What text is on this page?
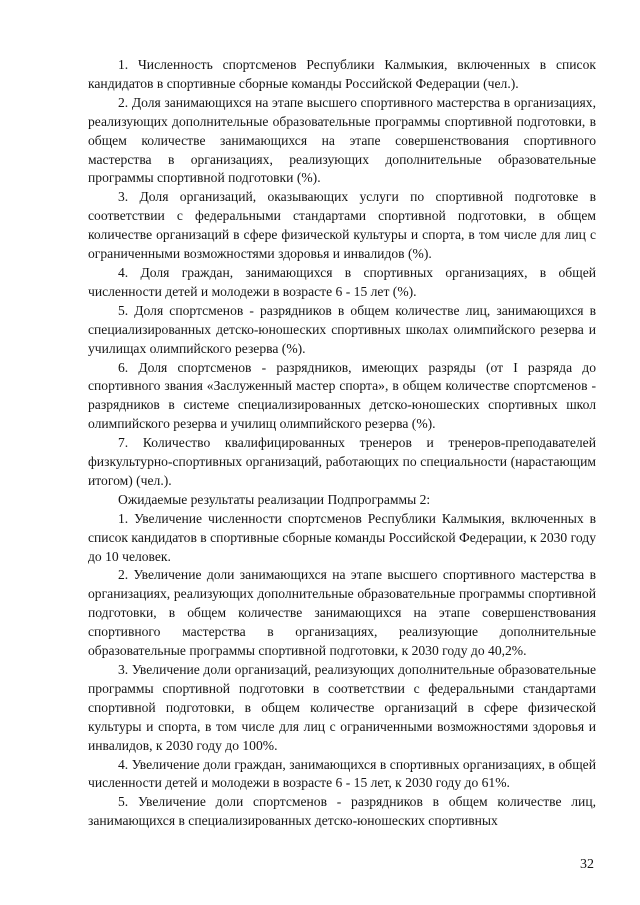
1. Численность спортсменов Республики Калмыкия, включенных в список кандидатов в спортивные сборные команды Российской Федерации (чел.).

2. Доля занимающихся на этапе высшего спортивного мастерства в организациях, реализующих дополнительные образовательные программы спортивной подготовки, в общем количестве занимающихся на этапе совершенствования спортивного мастерства в организациях, реализующих дополнительные образовательные программы спортивной подготовки (%).

3. Доля организаций, оказывающих услуги по спортивной подготовке в соответствии с федеральными стандартами спортивной подготовки, в общем количестве организаций в сфере физической культуры и спорта, в том числе для лиц с ограниченными возможностями здоровья и инвалидов (%).

4. Доля граждан, занимающихся в спортивных организациях, в общей численности детей и молодежи в возрасте 6 - 15 лет (%).

5. Доля спортсменов - разрядников в общем количестве лиц, занимающихся в специализированных детско-юношеских спортивных школах олимпийского резерва и училищах олимпийского резерва (%).

6. Доля спортсменов - разрядников, имеющих разряды (от I разряда до спортивного звания «Заслуженный мастер спорта», в общем количестве спортсменов - разрядников в системе специализированных детско-юношеских спортивных школ олимпийского резерва и училищ олимпийского резерва (%).

7. Количество квалифицированных тренеров и тренеров-преподавателей физкультурно-спортивных организаций, работающих по специальности (нарастающим итогом) (чел.).

Ожидаемые результаты реализации Подпрограммы 2:

1. Увеличение численности спортсменов Республики Калмыкия, включенных в список кандидатов в спортивные сборные команды Российской Федерации, к 2030 году до 10 человек.

2. Увеличение доли занимающихся на этапе высшего спортивного мастерства в организациях, реализующих дополнительные образовательные программы спортивной подготовки, в общем количестве занимающихся на этапе совершенствования спортивного мастерства в организациях, реализующие дополнительные образовательные программы спортивной подготовки, к 2030 году до 40,2%.

3. Увеличение доли организаций, реализующих дополнительные образовательные программы спортивной подготовки в соответствии с федеральными стандартами спортивной подготовки, в общем количестве организаций в сфере физической культуры и спорта, в том числе для лиц с ограниченными возможностями здоровья и инвалидов, к 2030 году до 100%.

4. Увеличение доли граждан, занимающихся в спортивных организациях, в общей численности детей и молодежи в возрасте 6 - 15 лет, к 2030 году до 61%.

5. Увеличение доли спортсменов - разрядников в общем количестве лиц, занимающихся в специализированных детско-юношеских спортивных

32
